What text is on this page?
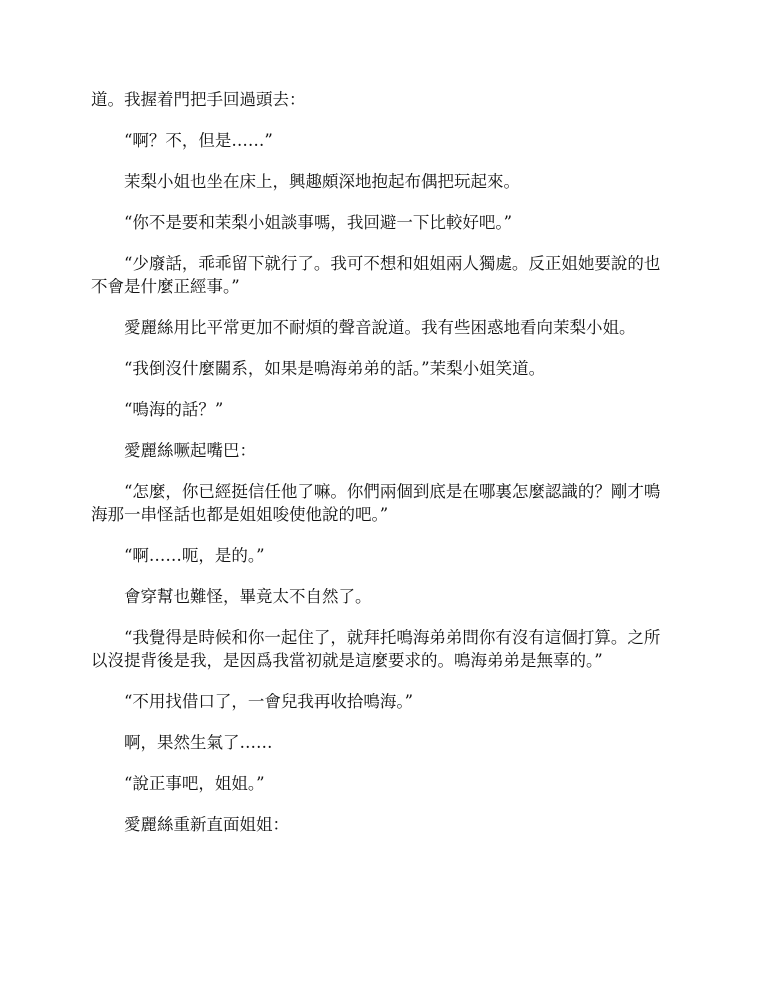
道。我握着門把手回過頭去：

“啊？不，但是……”

茉梨小姐也坐在床上，興趣頗深地抱起布偶把玩起來。

“你不是要和茉梨小姐談事嗎，我回避一下比較好吧。”

“少廢話，乖乖留下就行了。我可不想和姐姐兩人獨處。反正姐她要說的也不會是什麼正經事。”

愛麗絲用比平常更加不耐煩的聲音說道。我有些困惑地看向茉梨小姐。

“我倒沒什麼關系，如果是鳴海弟弟的話。”茉梨小姐笑道。

“鳴海的話？”

愛麗絲噘起嘴巴：

“怎麼，你已經挺信任他了嘛。你們兩個到底是在哪裏怎麼認識的？剛才鳴海那一串怪話也都是姐姐唆使他說的吧。”

“啊……呃，是的。”

會穿幫也難怪，畢竟太不自然了。

“我覺得是時候和你一起住了，就拜托鳴海弟弟問你有沒有這個打算。之所以沒提背後是我，是因爲我當初就是這麼要求的。鳴海弟弟是無辜的。”

“不用找借口了，一會兒我再收拾鳴海。”

啊，果然生氣了……

“說正事吧，姐姐。”

愛麗絲重新直面姐姐：
